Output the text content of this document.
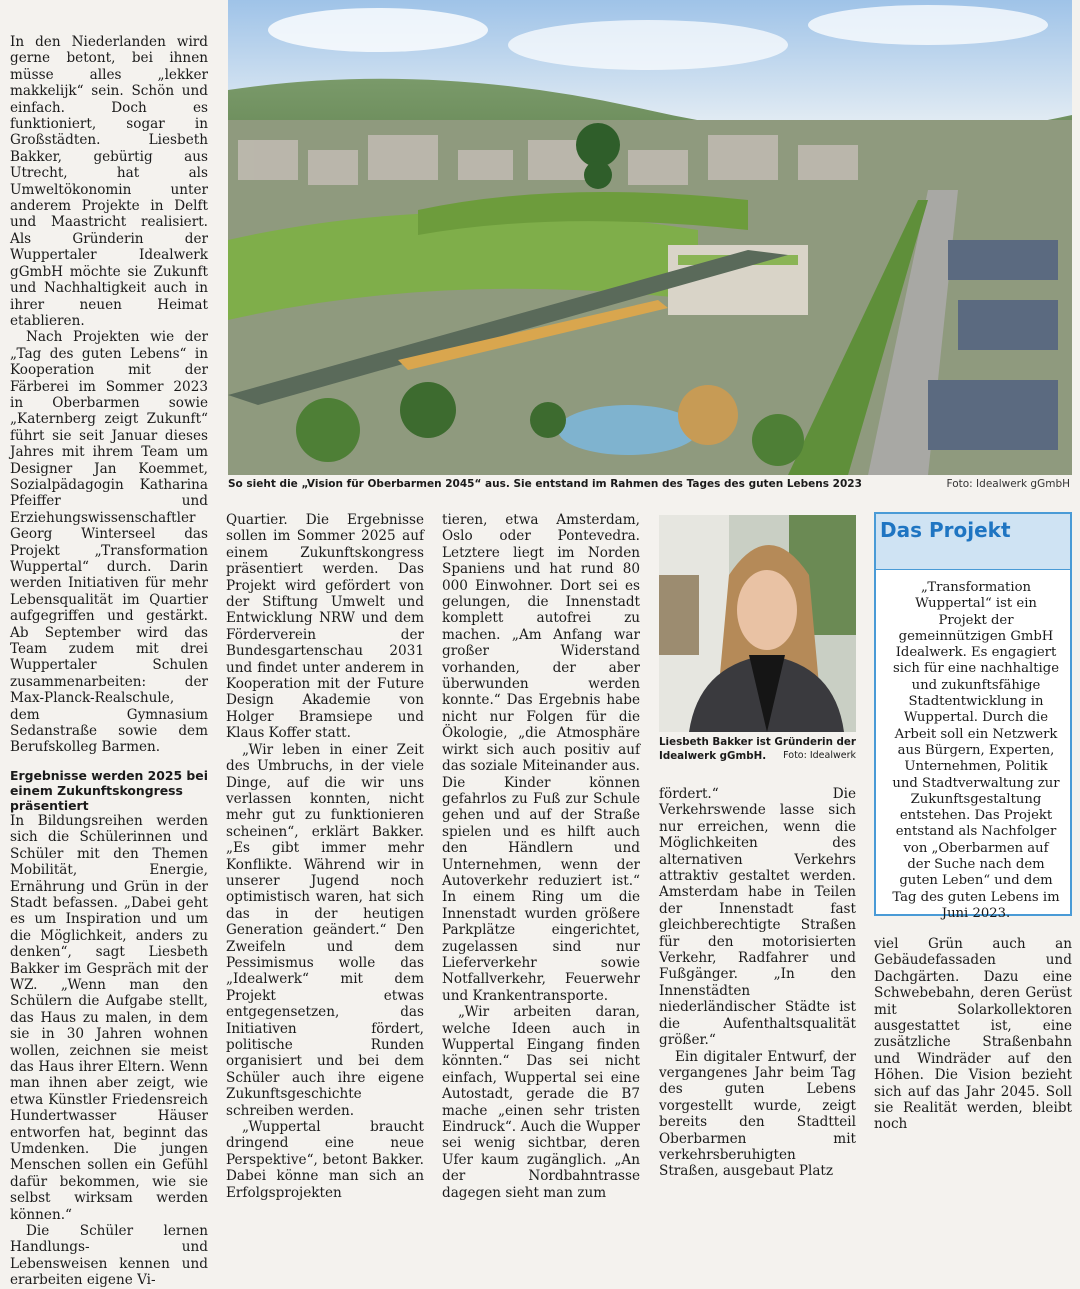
In den Niederlanden wird gerne betont, bei ihnen müsse alles „lekker makkelijk“ sein. Schön und einfach. Doch es funktioniert, sogar in Großstädten. Liesbeth Bakker, gebürtig aus Utrecht, hat als Umweltökonomin unter anderem Projekte in Delft und Maastricht realisiert. Als Gründerin der Wuppertaler Idealwerk gGmbH möchte sie Zukunft und Nachhaltigkeit auch in ihrer neuen Heimat etablieren.

Nach Projekten wie der „Tag des guten Lebens“ in Kooperation mit der Färberei im Sommer 2023 in Oberbarmen sowie „Katernberg zeigt Zukunft“ führt sie seit Januar dieses Jahres mit ihrem Team um Designer Jan Koemmet, Sozialpädagogin Katharina Pfeiffer und Erziehungswissenschaftler Georg Winterseel das Projekt „Transformation Wuppertal“ durch. Darin werden Initiativen für mehr Lebensqualität im Quartier aufgegriffen und gestärkt. Ab September wird das Team zudem mit drei Wuppertaler Schulen zusammenarbeiten: der Max-Planck-Realschule, dem Gymnasium Sedanstraße sowie dem Berufskolleg Barmen.

Ergebnisse werden 2025 bei einem Zukunftskongress präsentiert

In Bildungsreihen werden sich die Schülerinnen und Schüler mit den Themen Mobilität, Energie, Ernährung und Grün in der Stadt befassen. „Dabei geht es um Inspiration und um die Möglichkeit, anders zu denken“, sagt Liesbeth Bakker im Gespräch mit der WZ. „Wenn man den Schülern die Aufgabe stellt, das Haus zu malen, in dem sie in 30 Jahren wohnen wollen, zeichnen sie meist das Haus ihrer Eltern. Wenn man ihnen aber zeigt, wie etwa Künstler Friedensreich Hundertwasser Häuser entworfen hat, beginnt das Umdenken. Die jungen Menschen sollen ein Gefühl dafür bekommen, wie sie selbst wirksam werden können.“

Die Schüler lernen Handlungs- und Lebensweisen kennen und erarbeiten eigene Vi-

So sieht die „Vision für Oberbarmen 2045“ aus. Sie entstand im Rahmen des Tages des guten Lebens 2023	Foto: Idealwerk gGmbH

Quartier. Die Ergebnisse sollen im Sommer 2025 auf einem Zukunftskongress präsentiert werden. Das Projekt wird gefördert von der Stiftung Umwelt und Entwicklung NRW und dem Förderverein der Bundesgartenschau 2031 und findet unter anderem in Kooperation mit der Future Design Akademie von Holger Bramsiepe und Klaus Koffer statt.

„Wir leben in einer Zeit des Umbruchs, in der viele Dinge, auf die wir uns verlassen konnten, nicht mehr gut zu funktionieren scheinen“, erklärt Bakker. „Es gibt immer mehr Konflikte. Während wir in unserer Jugend noch optimistisch waren, hat sich das in der heutigen Generation geändert.“ Den Zweifeln und dem Pessimismus wolle das „Idealwerk“ mit dem Projekt etwas entgegensetzen, das Initiativen fördert, politische Runden organisiert und bei dem Schüler auch ihre eigene Zukunftsgeschichte schreiben werden.

„Wuppertal braucht dringend eine neue Perspektive“, betont Bakker. Dabei könne man sich an Erfolgsprojekten

tieren, etwa Amsterdam, Oslo oder Pontevedra. Letztere liegt im Norden Spaniens und hat rund 80 000 Einwohner. Dort sei es gelungen, die Innenstadt komplett autofrei zu machen. „Am Anfang war großer Widerstand vorhanden, der aber überwunden werden konnte.“ Das Ergebnis habe nicht nur Folgen für die Ökologie, „die Atmosphäre wirkt sich auch positiv auf das soziale Miteinander aus. Die Kinder können gefahrlos zu Fuß zur Schule gehen und auf der Straße spielen und es hilft auch den Händlern und Unternehmen, wenn der Autoverkehr reduziert ist.“ In einem Ring um die Innenstadt wurden größere Parkplätze eingerichtet, zugelassen sind nur Lieferverkehr sowie Notfallverkehr, Feuerwehr und Krankentransporte.

„Wir arbeiten daran, welche Ideen auch in Wuppertal Eingang finden könnten.“ Das sei nicht einfach, Wuppertal sei eine Autostadt, gerade die B7 mache „einen sehr tristen Eindruck“. Auch die Wupper sei wenig sichtbar, deren Ufer kaum zugänglich. „An der Nordbahntrasse dagegen sieht man zum

Liesbeth Bakker ist Gründerin der Idealwerk gGmbH. Foto: Idealwerk

fördert.“ Die Verkehrswende lasse sich nur erreichen, wenn die Möglichkeiten des alternativen Verkehrs attraktiv gestaltet werden. Amsterdam habe in Teilen der Innenstadt fast gleichberechtigte Straßen für den motorisierten Verkehr, Radfahrer und Fußgänger. „In den Innenstädten niederländischer Städte ist die Aufenthaltsqualität größer.“

Ein digitaler Entwurf, der vergangenes Jahr beim Tag des guten Lebens vorgestellt wurde, zeigt bereits den Stadtteil Oberbarmen mit verkehrsberuhigten Straßen, ausgebaut Platz

Das Projekt
„Transformation Wuppertal“ ist ein Projekt der gemeinnützigen GmbH Idealwerk. Es engagiert sich für eine nachhaltige und zukunftsfähige Stadtentwicklung in Wuppertal. Durch die Arbeit soll ein Netzwerk aus Bürgern, Experten, Unternehmen, Politik und Stadtverwaltung zur Zukunftsgestaltung entstehen. Das Projekt entstand als Nachfolger von „Oberbarmen auf der Suche nach dem guten Leben“ und dem Tag des guten Lebens im Juni 2023.

viel Grün auch an Gebäudefassaden und Dachgärten. Dazu eine Schwebebahn, deren Gerüst mit Solarkollektoren ausgestattet ist, eine zusätzliche Straßenbahn und Windräder auf den Höhen. Die Vision bezieht sich auf das Jahr 2045. Soll sie Realität werden, bleibt noch
